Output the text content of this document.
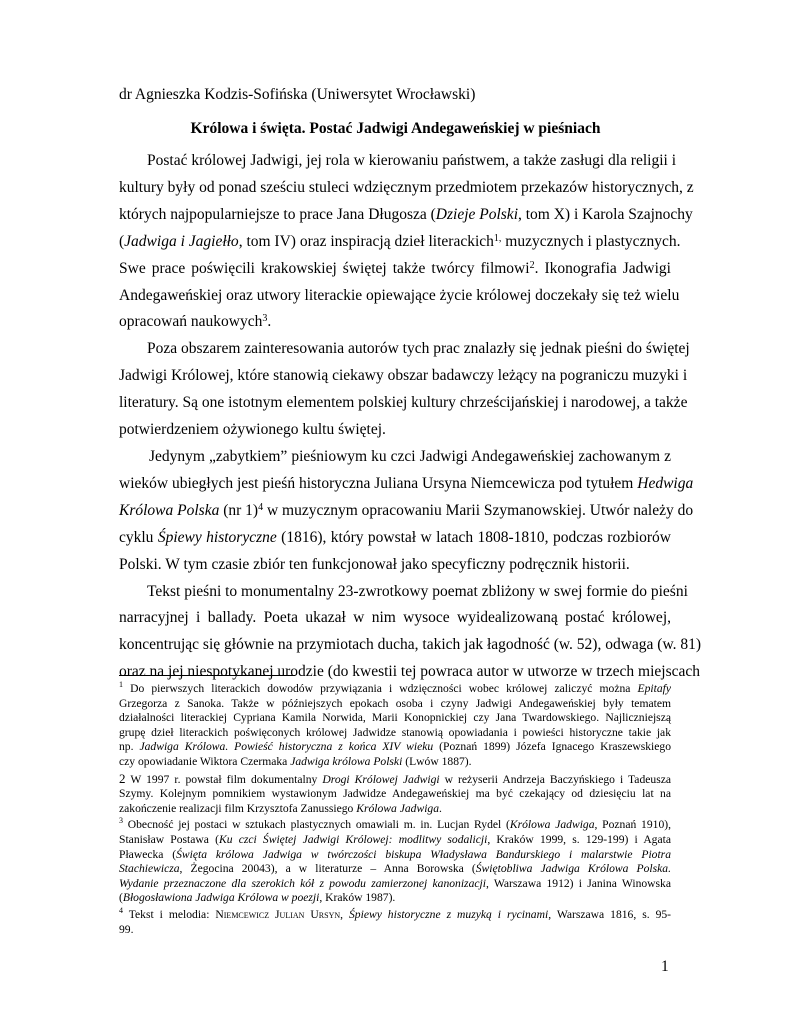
dr Agnieszka Kodzis-Sofińska (Uniwersytet Wrocławski)
Królowa i święta. Postać Jadwigi Andegaweńskiej w pieśniach

Postać królowej Jadwigi, jej rola w kierowaniu państwem, a także zasługi dla religii i
kultury były od ponad sześciu stuleci wdzięcznym przedmiotem przekazów historycznych, z
których najpopularniejsze to prace Jana Długosza (Dzieje Polski, tom X) i Karola Szajnochy
(Jadwiga i Jagiełło, tom IV) oraz inspiracją dzieł literackich$^{1,}$ muzycznych i plastycznych.
Swe prace poświęcili krakowskiej świętej także twórcy filmowi$^2$. Ikonografia Jadwigi
Andegaweńskiej oraz utwory literackie opiewające życie królowej doczekały się też wielu
opracowań naukowych$^3$.

Poza obszarem zainteresowania autorów tych prac znalazły się jednak pieśni do świętej
Jadwigi Królowej, które stanowią ciekawy obszar badawczy leżący na pograniczu muzyki i
literatury. Są one istotnym elementem polskiej kultury chrześcijańskiej i narodowej, a także
potwierdzeniem ożywionego kultu świętej.

Jedynym „zabytkiem” pieśniowym ku czci Jadwigi Andegaweńskiej zachowanym z
wieków ubiegłych jest pieśń historyczna Juliana Ursyna Niemcewicza pod tytułem Hedwiga
Królowa Polska (nr 1)$^4$ w muzycznym opracowaniu Marii Szymanowskiej. Utwór należy do
cyklu Śpiewy historyczne (1816), który powstał w latach 1808-1810, podczas rozbiorów
Polski. W tym czasie zbiór ten funkcjonował jako specyficzny podręcznik historii.

Tekst pieśni to monumentalny 23-zwrotkowy poemat zbliżony w swej formie do pieśni
narracyjnej i ballady. Poeta ukazał w nim wysoce wyidealizowaną postać królowej,
koncentrując się głównie na przymiotach ducha, takich jak łagodność (w. 52), odwaga (w. 81)
oraz na jej niespotykanej urodzie (do kwestii tej powraca autor w utworze w trzech miejscach

$^1$ Do pierwszych literackich dowodów przywiązania i wdzięczności wobec królowej zaliczyć można Epitafy
Grzegorza z Sanoka. Także w późniejszych epokach osoba i czyny Jadwigi Andegaweńskiej były tematem
działalności literackiej Cypriana Kamila Norwida, Marii Konopnickiej czy Jana Twardowskiego. Najliczniejszą
grupę dzieł literackich poświęconych królowej Jadwidze stanowią opowiadania i powieści historyczne takie jak
np. Jadwiga Królowa. Powieść historyczna z końca XIV wieku (Poznań 1899) Józefa Ignacego Kraszewskiego
czy opowiadanie Wiktora Czermaka Jadwiga królowa Polski (Lwów 1887).
2 W 1997 r. powstał film dokumentalny Drogi Królowej Jadwigi w reżyserii Andrzeja Baczyńskiego i Tadeusza
Szymy. Kolejnym pomnikiem wystawionym Jadwidze Andegaweńskiej ma być czekający od dziesięciu lat na
zakończenie realizacji film Krzysztofa Zanussiego Królowa Jadwiga.
$^3$ Obecność jej postaci w sztukach plastycznych omawiali m. in. Lucjan Rydel (Królowa Jadwiga, Poznań 1910),
Stanisław Postawa (Ku czci Świętej Jadwigi Królowej: modlitwy sodalicji, Kraków 1999, s. 129-199) i Agata
Pławecka (Święta królowa Jadwiga w twórczości biskupa Władysława Bandurskiego i malarstwie Piotra
Stachiewicza, Żegocina 20043), a w literaturze – Anna Borowska (Świętobliwa Jadwiga Królowa Polska.
Wydanie przeznaczone dla szerokich kół z powodu zamierzonej kanonizacji, Warszawa 1912) i Janina Winowska
(Błogosławiona Jadwiga Królowa w poezji, Kraków 1987).
$^4$ Tekst i melodia: Niemcewicz Julian Ursyn, Śpiewy historyczne z muzyką i rycinami, Warszawa 1816, s. 95-
99.
1
